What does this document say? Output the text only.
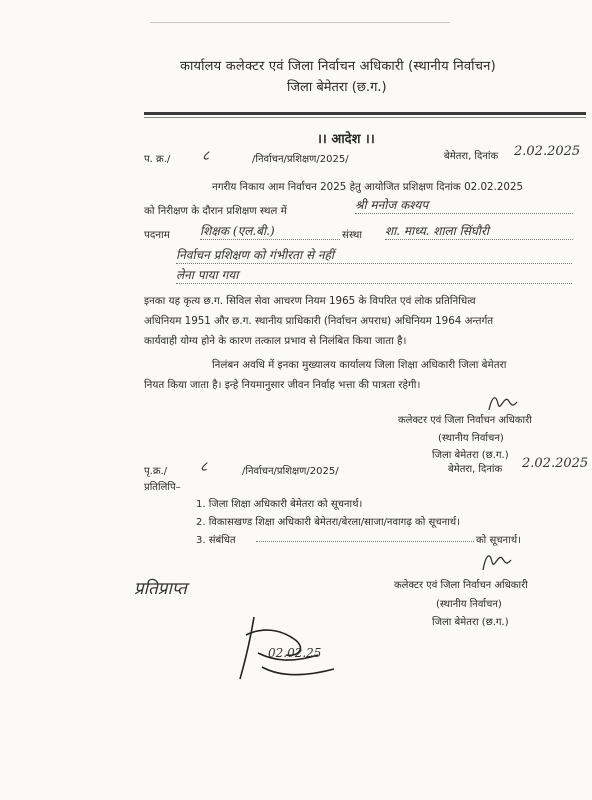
कार्यालय कलेक्टर एवं जिला निर्वाचन अधिकारी (स्थानीय निर्वाचन)
जिला बेमेतरा (छ.ग.)
।। आदेश ।।
प. क्र./ ८	/निर्वाचन/प्रशिक्षण/2025/	बेमेतरा, दिनांक 2.02.2025
नगरीय निकाय आम निर्वाचन 2025 हेतु आयोजित प्रशिक्षण दिनांक 02.02.2025
को निरीक्षण के दौरान प्रशिक्षण स्थल में	श्री मनोज कश्यप
पदनाम	शिक्षक (एल.बी.)	संस्था शा. माध्य. शाला सिंघौरी
निर्वाचन प्रशिक्षण को गंभीरता से नहीं
लेना पाया गया
इनका यह कृत्य छ.ग. सिविल सेवा आचरण नियम 1965 के विपरित एवं लोक प्रतिनिधित्व
अधिनियम 1951 और छ.ग. स्थानीय प्राधिकारी (निर्वाचन अपराध) अधिनियम 1964 अन्तर्गत
कार्यवाही योग्य होने के कारण तत्काल प्रभाव से निलंबित किया जाता है।
निलंबन अवधि में इनका मुख्यालय कार्यालय जिला शिक्षा अधिकारी जिला बेमेतरा
नियत किया जाता है। इन्हे नियमानुसार जीवन निर्वाह भत्ता की पात्रता रहेगी।
कलेक्टर एवं जिला निर्वाचन अधिकारी
(स्थानीय निर्वाचन)
जिला बेमेतरा (छ.ग.)
पृ.क्र./ ८	/निर्वाचन/प्रशिक्षण/2025/	बेमेतरा, दिनांक 2.02.2025
प्रतिलिपि–
1. जिला शिक्षा अधिकारी बेमेतरा को सूचनार्थ।
2. विकासखण्ड शिक्षा अधिकारी बेमेतरा/बेरला/साजा/नवागढ़ को सूचनार्थ।
3. संबंधित	को सूचनार्थ।
कलेक्टर एवं जिला निर्वाचन अधिकारी
(स्थानीय निर्वाचन)
जिला बेमेतरा (छ.ग.)
प्रतिप्राप्त
02.02.25
